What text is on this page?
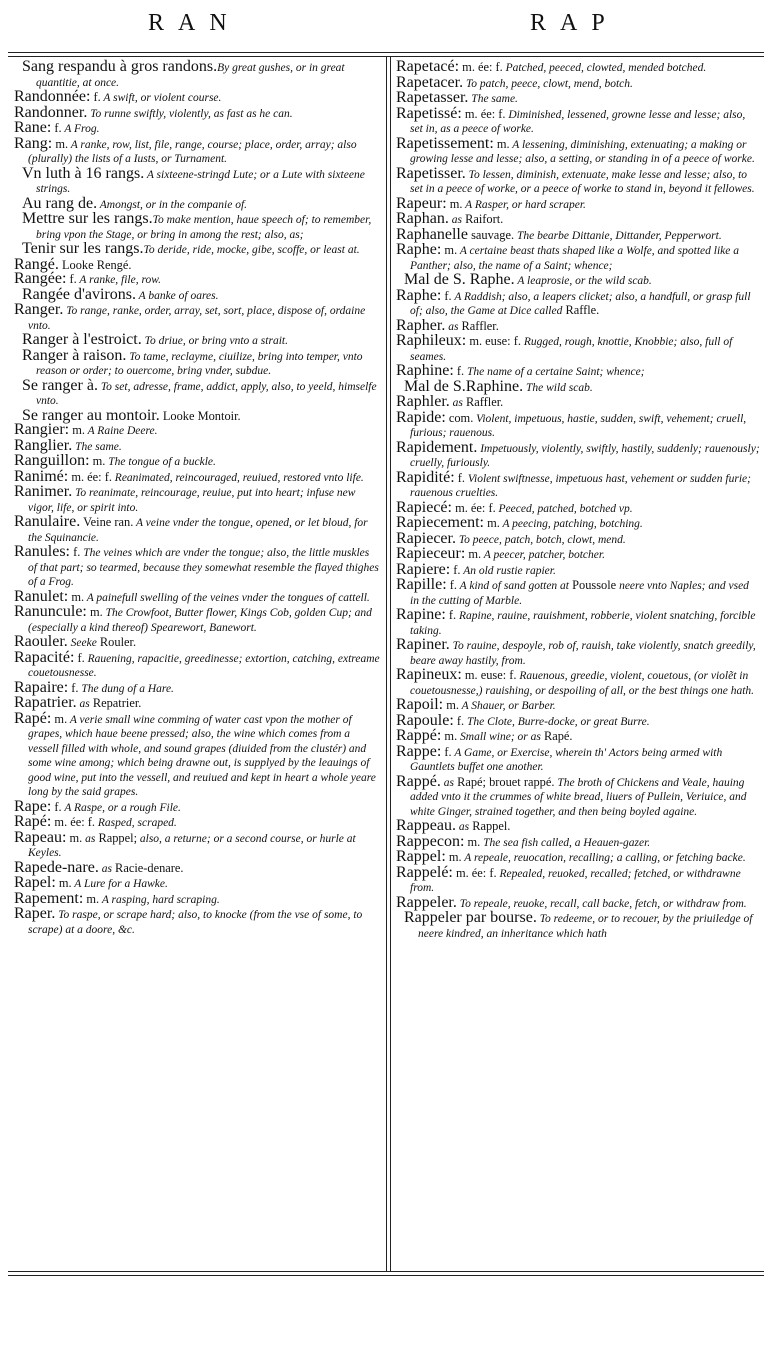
RAN	RAP

Sang respandu à gros randons.By great gushes, or in great quantitie, at once.

Randonnée: f. A swift, or violent course.

Randonner. To runne swiftly, violently, as fast as he can.

Rane: f. A Frog.

Rang: m. A ranke, row, list, file, range, course; place, order, array; also (plurally) the lists of a Iusts, or Turnament.

Vn luth à 16 rangs. A sixteene-stringd Lute; or a Lute with sixteene strings.

Au rang de. Amongst, or in the companie of.

Mettre sur les rangs.To make mention, haue speech of; to remember, bring vpon the Stage, or bring in among the rest; also, as;

Tenir sur les rangs.To deride, ride, mocke, gibe, scoffe, or least at.

Rangé. Looke Rengé.

Rangée: f. A ranke, file, row.

Rangée d'avirons. A banke of oares.

Ranger. To range, ranke, order, array, set, sort, place, dispose of, ordaine vnto.

Ranger à l'estroict. To driue, or bring vnto a strait.

Ranger à raison. To tame, reclayme, ciuilize, bring into temper, vnto reason or order; to ouercome, bring vnder, subdue.

Se ranger à. To set, adresse, frame, addict, apply, also, to yeeld, himselfe vnto.

Se ranger au montoir. Looke Montoir.

Rangier: m. A Raine Deere.

Ranglier. The same.

Ranguillon: m. The tongue of a buckle.

Ranimé: m. ée: f. Reanimated, reincouraged, reuiued, restored vnto life.

Ranimer. To reanimate, reincourage, reuiue, put into heart; infuse new vigor, life, or spirit into.

Ranulaire. Veine ran. A veine vnder the tongue, opened, or let bloud, for the Squinancie.

Ranules: f. The veines which are vnder the tongue; also, the little muskles of that part; so tearmed, because they somewhat resemble the flayed thighes of a Frog.

Ranulet: m. A painefull swelling of the veines vnder the tongues of cattell.

Ranuncule: m. The Crowfoot, Butter flower, Kings Cob, golden Cup; and (especially a kind thereof) Spearewort, Banewort.

Raouler. Seeke Rouler.

Rapacité: f. Rauening, rapacitie, greedinesse; extortion, catching, extreame couetousnesse.

Rapaire: f. The dung of a Hare.

Rapatrier. as Repatrier.

Rapé: m. A verie small wine comming of water cast vpon the mother of grapes, which haue beene pressed; also, the wine which comes from a vessell filled with whole, and sound grapes (diuided from the clustér) and some wine among; which being drawne out, is supplyed by the leauings of good wine, put into the vessell, and reuiued and kept in heart a whole yeare long by the said grapes.

Rape: f. A Raspe, or a rough File.

Rapé: m. ée: f. Rasped, scraped.

Rapeau: m. as Rappel; also, a returne; or a second course, or hurle at Keyles.

Rapede-nare. as Racie-denare.

Rapel: m. A Lure for a Hawke.

Rapement: m. A rasping, hard scraping.

Raper. To raspe, or scrape hard; also, to knocke (from the vse of some, to scrape) at a doore, &c.

Rapetacé: m. ée: f. Patched, peeced, clowted, mended botched.

Rapetacer. To patch, peece, clowt, mend, botch.

Rapetasser. The same.

Rapetissé: m. ée: f. Diminished, lessened, growne lesse and lesse; also, set in, as a peece of worke.

Rapetissement: m. A lessening, diminishing, extenuating; a making or growing lesse and lesse; also, a setting, or standing in of a peece of worke.

Rapetisser. To lessen, diminish, extenuate, make lesse and lesse; also, to set in a peece of worke, or a peece of worke to stand in, beyond it fellowes.

Rapeur: m. A Rasper, or hard scraper.

Raphan. as Raifort.

Raphanelle sauvage. The bearbe Dittanie, Dittander, Pepperwort.

Raphe: m. A certaine beast thats shaped like a Wolfe, and spotted like a Panther; also, the name of a Saint; whence;

Mal de S. Raphe. A leaprosie, or the wild scab.

Raphe: f. A Raddish; also, a leapers clicket; also, a handfull, or grasp full of; also, the Game at Dice called Raffle.

Rapher. as Raffler.

Raphileux: m. euse: f. Rugged, rough, knottie, Knobbie; also, full of seames.

Raphine: f. The name of a certaine Saint; whence;

Mal de S.Raphine. The wild scab.

Raphler. as Raffler.

Rapide: com. Violent, impetuous, hastie, sudden, swift, vehement; cruell, furious; rauenous.

Rapidement. Impetuously, violently, swiftly, hastily, suddenly; rauenously; cruelly, furiously.

Rapidité: f. Violent swiftnesse, impetuous hast, vehement or sudden furie; rauenous cruelties.

Rapiecé: m. ée: f. Peeced, patched, botched vp.

Rapiecement: m. A peecing, patching, botching.

Rapiecer. To peece, patch, botch, clowt, mend.

Rapieceur: m. A peecer, patcher, botcher.

Rapiere: f. An old rustie rapier.

Rapille: f. A kind of sand gotten at Poussole neere vnto Naples; and vsed in the cutting of Marble.

Rapine: f. Rapine, rauine, rauishment, robberie, violent snatching, forcible taking.

Rapiner. To rauine, despoyle, rob of, rauish, take violently, snatch greedily, beare away hastily, from.

Rapineux: m. euse: f. Rauenous, greedie, violent, couetous, (or violẽt in couetousnesse,) rauishing, or despoiling of all, or the best things one hath.

Rapoil: m. A Shauer, or Barber.

Rapoule: f. The Clote, Burre-docke, or great Burre.

Rappé: m. Small wine; or as Rapé.

Rappe: f. A Game, or Exercise, wherein th' Actors being armed with Gauntlets buffet one another.

Rappé. as Rapé; brouet rappé. The broth of Chickens and Veale, hauing added vnto it the crummes of white bread, liuers of Pullein, Veriuice, and white Ginger, strained together, and then being boyled againe.

Rappeau. as Rappel.

Rappecon: m. The sea fish called, a Heauen-gazer.

Rappel: m. A repeale, reuocation, recalling; a calling, or fetching backe.

Rappelé: m. ée: f. Repealed, reuoked, recalled; fetched, or withdrawne from.

Rappeler. To repeale, reuoke, recall, call backe, fetch, or withdraw from.

Rappeler par bourse. To redeeme, or to recouer, by the priuiledge of neere kindred, an inheritance which hath
